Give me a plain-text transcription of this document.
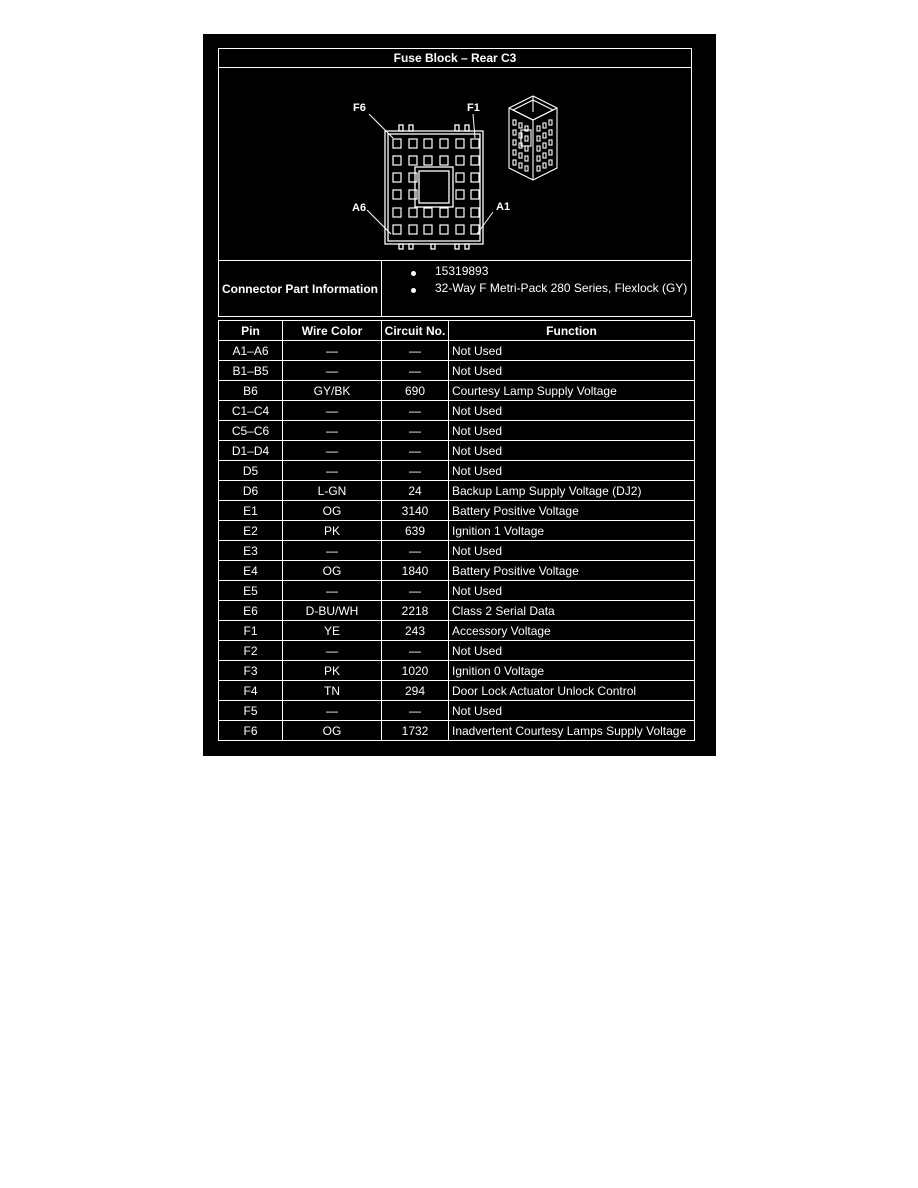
Fuse Block – Rear C3
F6	F1
A6	A1
Connector Part Information
15319893
32-Way F Metri-Pack 280 Series, Flexlock (GY)
Pin	Wire Color	Circuit No.	Function
A1–A6	—	—	Not Used
B1–B5	—	—	Not Used
B6	GY/BK	690	Courtesy Lamp Supply Voltage
C1–C4	—	—	Not Used
C5–C6	—	—	Not Used
D1–D4	—	—	Not Used
D5	—	—	Not Used
D6	L-GN	24	Backup Lamp Supply Voltage (DJ2)
E1	OG	3140	Battery Positive Voltage
E2	PK	639	Ignition 1 Voltage
E3	—	—	Not Used
E4	OG	1840	Battery Positive Voltage
E5	—	—	Not Used
E6	D-BU/WH	2218	Class 2 Serial Data
F1	YE	243	Accessory Voltage
F2	—	—	Not Used
F3	PK	1020	Ignition 0 Voltage
F4	TN	294	Door Lock Actuator Unlock Control
F5	—	—	Not Used
F6	OG	1732	Inadvertent Courtesy Lamps Supply Voltage
